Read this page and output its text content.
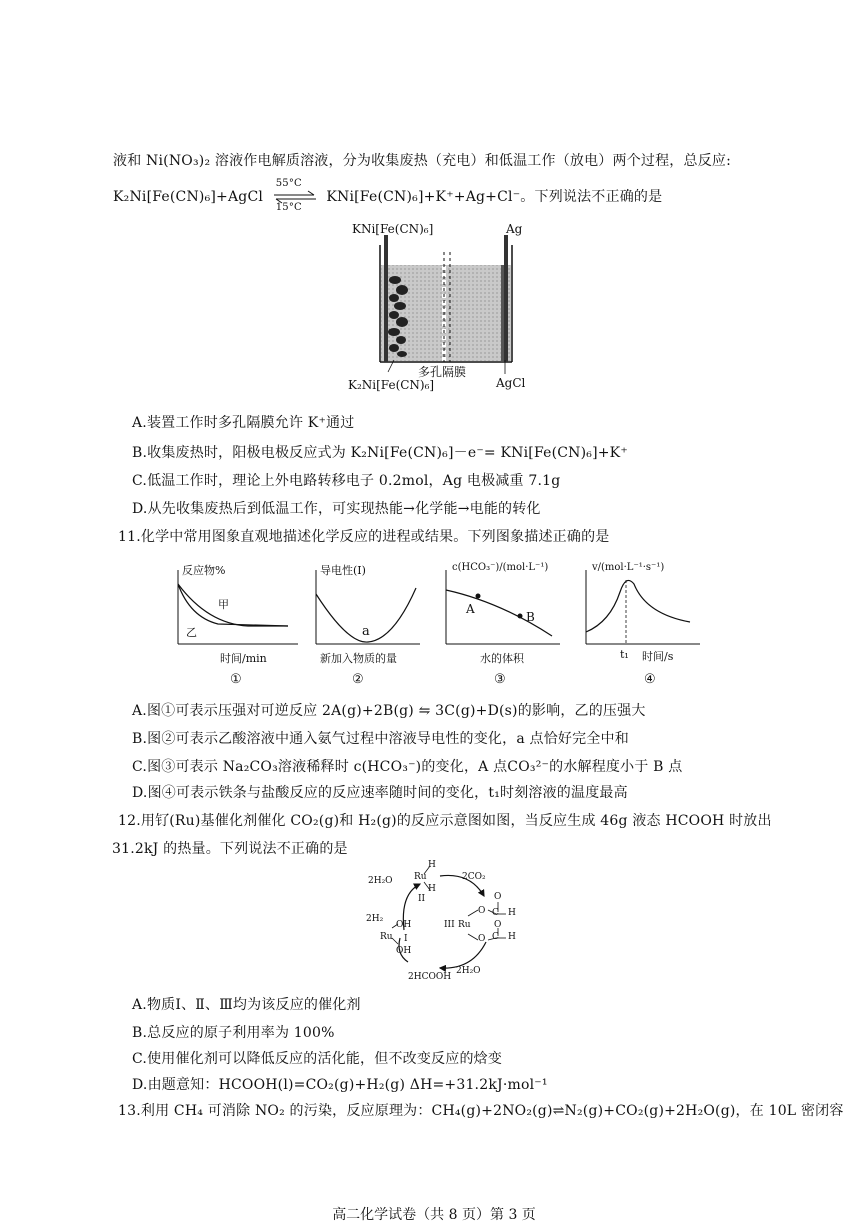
液和 Ni(NO₃)₂ 溶液作电解质溶液，分为收集废热（充电）和低温工作（放电）两个过程，总反应:
K₂Ni[Fe(CN)₆]+AgCl
55°C
15°C
KNi[Fe(CN)₆]+K⁺+Ag+Cl⁻。下列说法不正确的是
KNi[Fe(CN)₆]	Ag
多孔隔膜
K₂Ni[Fe(CN)₆]	AgCl
A.装置工作时多孔隔膜允许 K⁺通过
B.收集废热时，阳极电极反应式为 K₂Ni[Fe(CN)₆]－e⁻= KNi[Fe(CN)₆]+K⁺
C.低温工作时，理论上外电路转移电子 0.2mol，Ag 电极减重 7.1g
D.从先收集废热后到低温工作，可实现热能→化学能→电能的转化
11.化学中常用图象直观地描述化学反应的进程或结果。下列图象描述正确的是
反应物%
甲
乙
时间/min
①
导电性(I)
a
新加入物质的量
②
c(HCO₃⁻)/(mol·L⁻¹)
A
B
水的体积
③
v/(mol·L⁻¹·s⁻¹)
t₁ 时间/s
④
A.图①可表示压强对可逆反应 2A(g)+2B(g) ⇋ 3C(g)+D(s)的影响，乙的压强大
B.图②可表示乙酸溶液中通入氨气过程中溶液导电性的变化，a 点恰好完全中和
C.图③可表示 Na₂CO₃溶液稀释时 c(HCO₃⁻)的变化，A 点CO₃²⁻的水解程度小于 B 点
D.图④可表示铁条与盐酸反应的反应速率随时间的变化，t₁时刻溶液的温度最高
12.用钌(Ru)基催化剂催化 CO₂(g)和 H₂(g)的反应示意图如图，当反应生成 46g 液态 HCOOH 时放出
31.2kJ 的热量。下列说法不正确的是
2H₂O
2H₂
2CO₂
2H₂O
2HCOOH
Ru
H
H
II
III Ru
O
O
C H
O
O
C H
Ru
OH
OH
I
A.物质Ⅰ、Ⅱ、Ⅲ均为该反应的催化剂
B.总反应的原子利用率为 100%
C.使用催化剂可以降低反应的活化能，但不改变反应的焓变
D.由题意知：HCOOH(l)=CO₂(g)+H₂(g) ΔH=+31.2kJ·mol⁻¹
13.利用 CH₄ 可消除 NO₂ 的污染，反应原理为：CH₄(g)+2NO₂(g)⇌N₂(g)+CO₂(g)+2H₂O(g)，在 10L 密闭容
高二化学试卷（共 8 页）第 3 页
